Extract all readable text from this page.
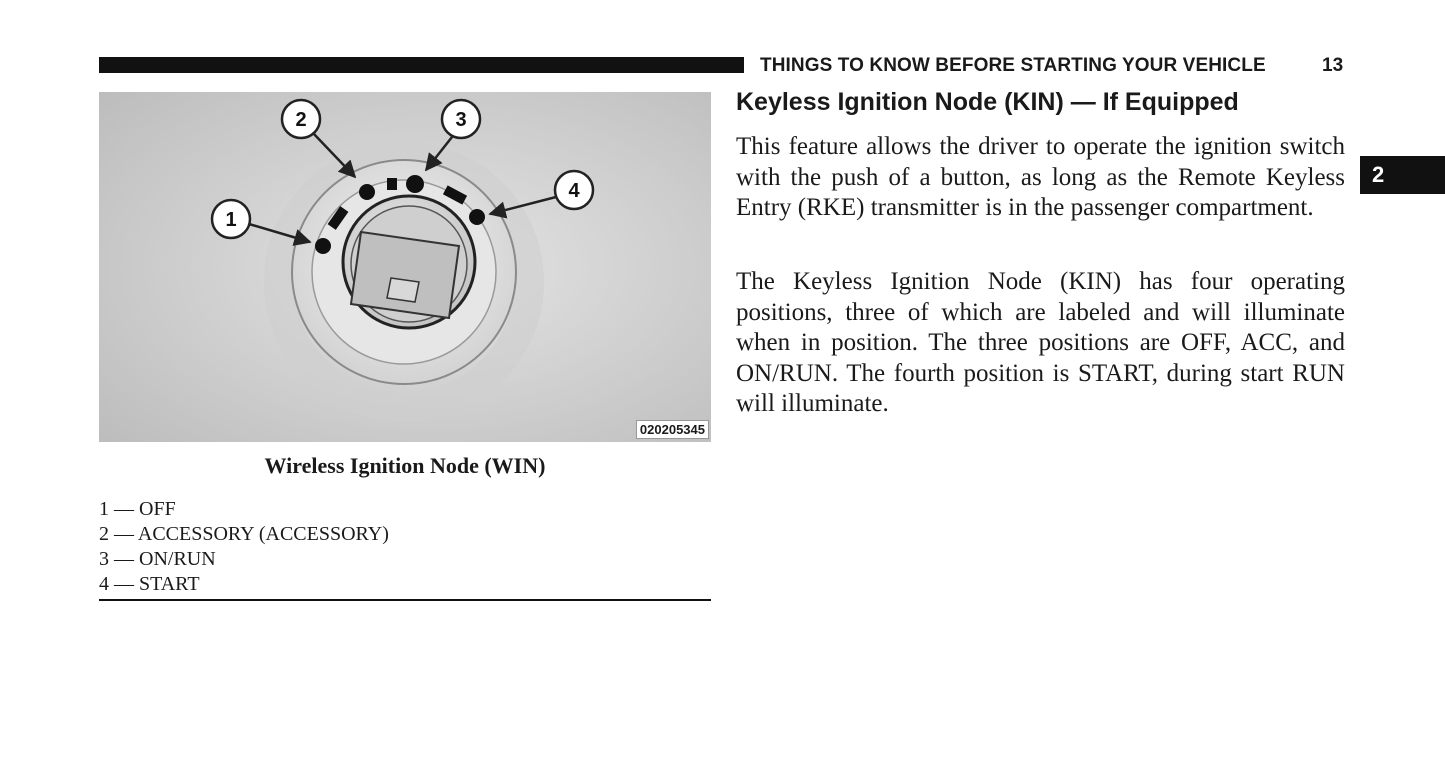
THINGS TO KNOW BEFORE STARTING YOUR VEHICLE	13
2
1
2	3
4
020205345
Wireless Ignition Node (WIN)
1 — OFF
2 — ACCESSORY (ACCESSORY)
3 — ON/RUN
4 — START
Keyless Ignition Node (KIN) — If Equipped

This feature allows the driver to operate the ignition switch with the push of a button, as long as the Remote Keyless Entry (RKE) transmitter is in the passenger compartment.

The Keyless Ignition Node (KIN) has four operating positions, three of which are labeled and will illuminate when in position. The three positions are OFF, ACC, and ON/RUN. The fourth position is START, during start RUN will illuminate.
